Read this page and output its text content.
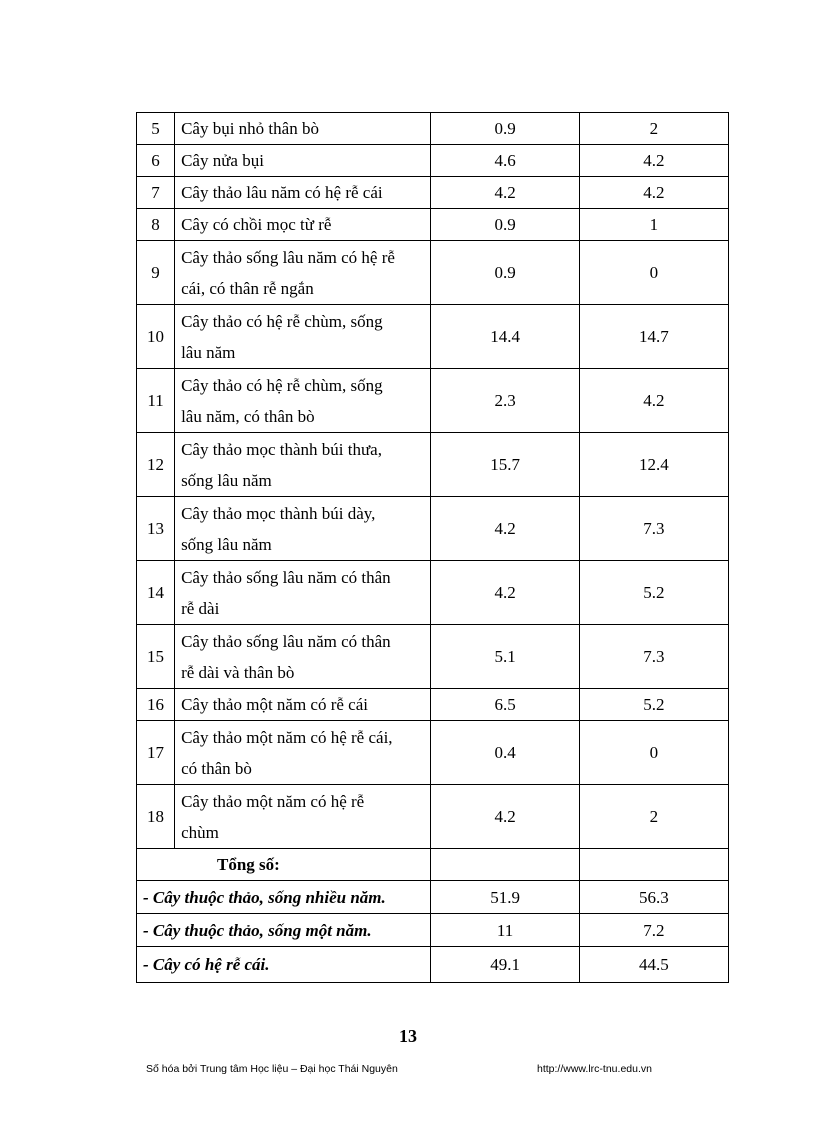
5	Cây bụi nhỏ thân bò	0.9	2
6	Cây nửa bụi	4.6	4.2
7	Cây thảo lâu năm có hệ rễ cái	4.2	4.2
8	Cây có chồi mọc từ rễ	0.9	1
9	Cây thảo sống lâu năm có hệ rễ
cái, có thân rễ ngắn	0.9	0
10	Cây thảo có hệ rễ chùm, sống
lâu năm	14.4	14.7
11	Cây thảo có hệ rễ chùm, sống
lâu năm, có thân bò	2.3	4.2
12	Cây thảo mọc thành búi thưa,
sống lâu năm	15.7	12.4
13	Cây thảo mọc thành búi dày,
sống lâu năm	4.2	7.3
14	Cây thảo sống lâu năm có thân
rễ dài	4.2	5.2
15	Cây thảo sống lâu năm có thân
rễ dài và thân bò	5.1	7.3
16	Cây thảo một năm có rễ cái	6.5	5.2
17	Cây thảo một năm có hệ rễ cái,
có thân bò	0.4	0
18	Cây thảo một năm có hệ rễ
chùm	4.2	2
Tổng số:			
- Cây thuộc thảo, sống nhiều năm.		51.9	56.3
- Cây thuộc thảo, sống một năm.		11	7.2
- Cây có hệ rễ cái.		49.1	44.5
13
Số hóa bởi Trung tâm Học liệu – Đại học Thái Nguyên	http://www.lrc-tnu.edu.vn
